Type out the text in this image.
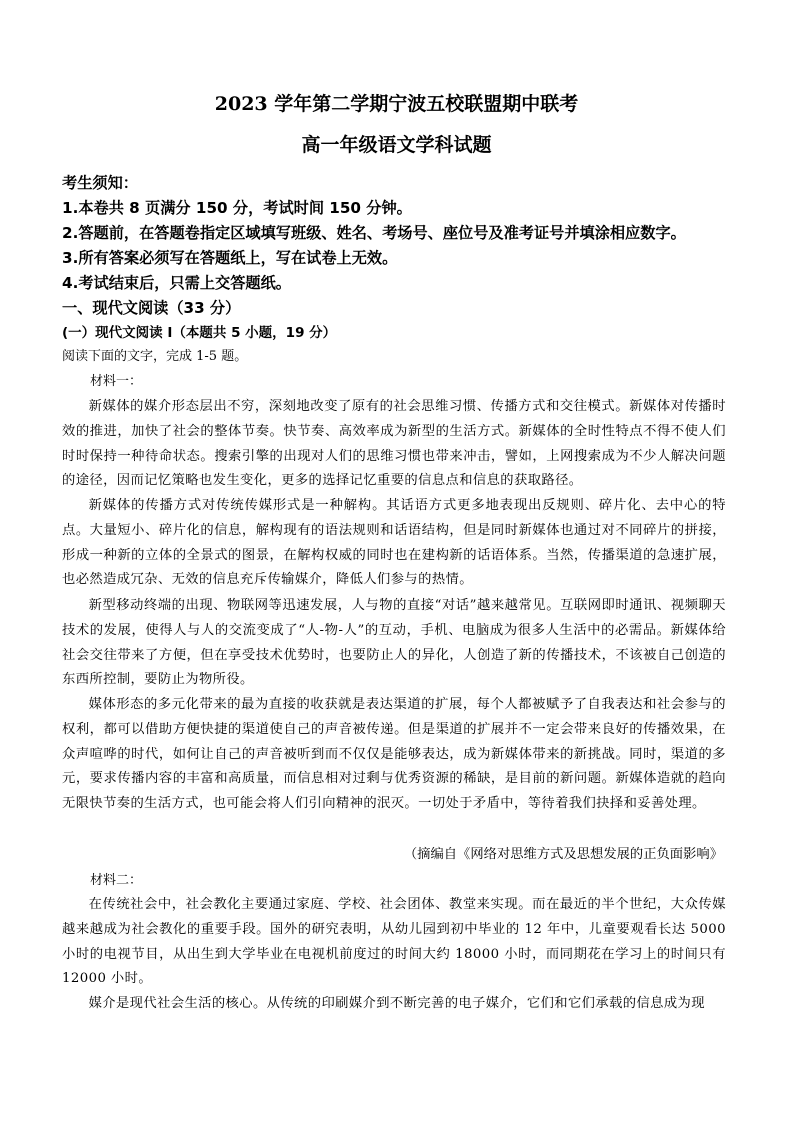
2023 学年第二学期宁波五校联盟期中联考
高一年级语文学科试题
考生须知：
1.本卷共 8 页满分 150 分，考试时间 150 分钟。
2.答题前，在答题卷指定区域填写班级、姓名、考场号、座位号及准考证号并填涂相应数字。
3.所有答案必须写在答题纸上，写在试卷上无效。
4.考试结束后，只需上交答题纸。
一、现代文阅读（33 分）
(一）现代文阅读 I（本题共 5 小题，19 分）
阅读下面的文字，完成 1-5 题。
材料一：

新媒体的媒介形态层出不穷，深刻地改变了原有的社会思维习惯、传播方式和交往模式。新媒体对传播时效的推进，加快了社会的整体节奏。快节奏、高效率成为新型的生活方式。新媒体的全时性特点不得不使人们时时保持一种待命状态。搜索引擎的出现对人们的思维习惯也带来冲击，譬如，上网搜索成为不少人解决问题的途径，因而记忆策略也发生变化，更多的选择记忆重要的信息点和信息的获取路径。

新媒体的传播方式对传统传媒形式是一种解构。其话语方式更多地表现出反规则、碎片化、去中心的特点。大量短小、碎片化的信息，解构现有的语法规则和话语结构，但是同时新媒体也通过对不同碎片的拼接，形成一种新的立体的全景式的图景，在解构权威的同时也在建构新的话语体系。当然，传播渠道的急速扩展，也必然造成冗杂、无效的信息充斥传输媒介，降低人们参与的热情。

新型移动终端的出现、物联网等迅速发展，人与物的直接“对话”越来越常见。互联网即时通讯、视频聊天技术的发展，使得人与人的交流变成了“人-物-人”的互动，手机、电脑成为很多人生活中的必需品。新媒体给社会交往带来了方便，但在享受技术优势时，也要防止人的异化，人创造了新的传播技术，不该被自己创造的东西所控制，要防止为物所役。

媒体形态的多元化带来的最为直接的收获就是表达渠道的扩展，每个人都被赋予了自我表达和社会参与的权利，都可以借助方便快捷的渠道使自己的声音被传递。但是渠道的扩展并不一定会带来良好的传播效果，在众声喧哗的时代，如何让自己的声音被听到而不仅仅是能够表达，成为新媒体带来的新挑战。同时，渠道的多元，要求传播内容的丰富和高质量，而信息相对过剩与优秀资源的稀缺，是目前的新问题。新媒体造就的趋向无限快节奏的生活方式，也可能会将人们引向精神的泯灭。一切处于矛盾中，等待着我们抉择和妥善处理。

（摘编自《网络对思维方式及思想发展的正负面影响》
材料二：

在传统社会中，社会教化主要通过家庭、学校、社会团体、教堂来实现。而在最近的半个世纪，大众传媒越来越成为社会教化的重要手段。国外的研究表明，从幼儿园到初中毕业的 12 年中，儿童要观看长达 5000 小时的电视节目，从出生到大学毕业在电视机前度过的时间大约 18000 小时，而同期花在学习上的时间只有 12000 小时。

媒介是现代社会生活的核心。从传统的印刷媒介到不断完善的电子媒介，它们和它们承载的信息成为现
